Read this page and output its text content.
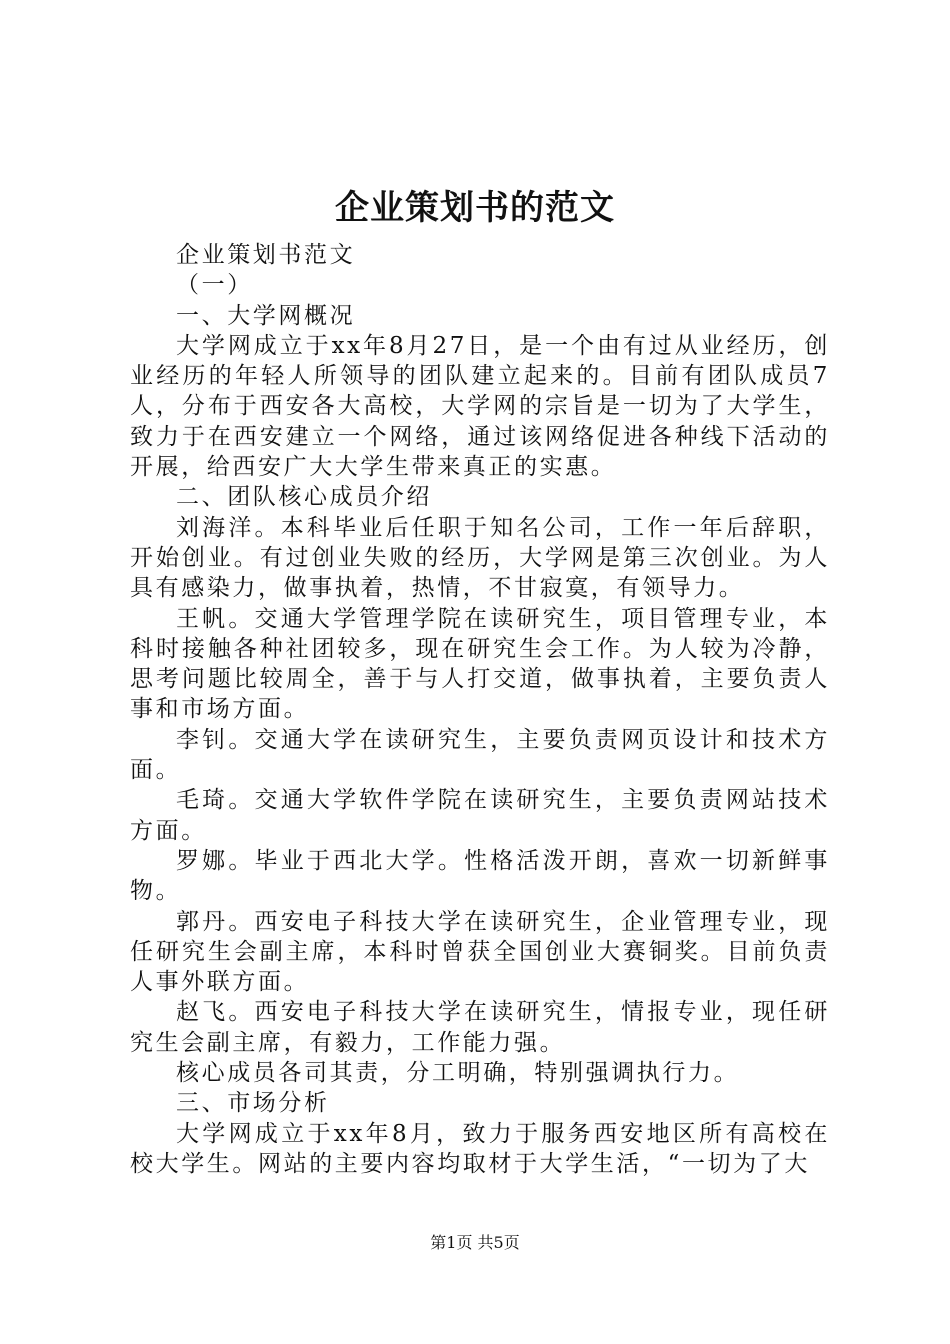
企业策划书的范文

企业策划书范文

（一）

一、大学网概况

大学网成立于xx年8月27日，是一个由有过从业经历，创业经历的年轻人所领导的团队建立起来的。目前有团队成员7人，分布于西安各大高校，大学网的宗旨是一切为了大学生，致力于在西安建立一个网络，通过该网络促进各种线下活动的开展，给西安广大大学生带来真正的实惠。

二、团队核心成员介绍

刘海洋。本科毕业后任职于知名公司，工作一年后辞职，开始创业。有过创业失败的经历，大学网是第三次创业。为人具有感染力，做事执着，热情，不甘寂寞，有领导力。

王帆。交通大学管理学院在读研究生，项目管理专业，本科时接触各种社团较多，现在研究生会工作。为人较为冷静，思考问题比较周全，善于与人打交道，做事执着，主要负责人事和市场方面。

李钊。交通大学在读研究生，主要负责网页设计和技术方面。

毛琦。交通大学软件学院在读研究生，主要负责网站技术方面。

罗娜。毕业于西北大学。性格活泼开朗，喜欢一切新鲜事物。

郭丹。西安电子科技大学在读研究生，企业管理专业，现任研究生会副主席，本科时曾获全国创业大赛铜奖。目前负责人事外联方面。

赵飞。西安电子科技大学在读研究生，情报专业，现任研究生会副主席，有毅力，工作能力强。

核心成员各司其责，分工明确，特别强调执行力。

三、市场分析

大学网成立于xx年8月，致力于服务西安地区所有高校在校大学生。网站的主要内容均取材于大学生活，“一切为了大

第1页 共5页
